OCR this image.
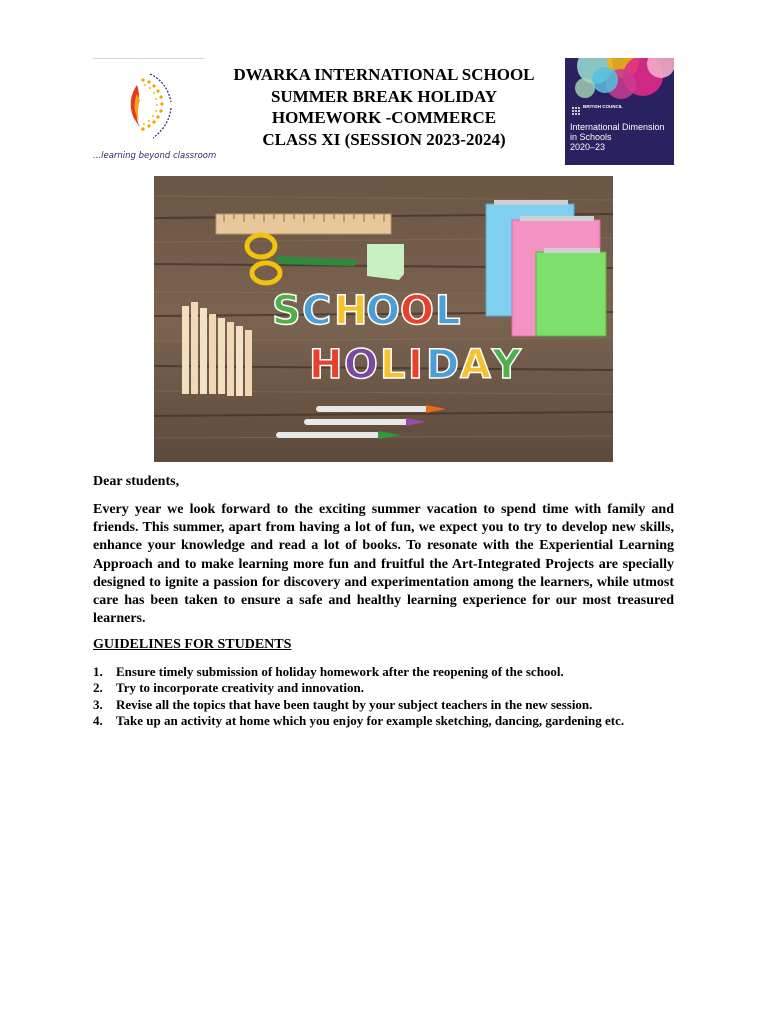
...learning beyond classroom
DWARKA INTERNATIONAL SCHOOL
SUMMER BREAK HOLIDAY
HOMEWORK -COMMERCE
CLASS XI (SESSION 2023-2024)
BRITISH COUNCIL
International Dimension in Schools
2020–23
S C H
O O L
H O L I D A Y
Dear students,

Every year we look forward to the exciting summer vacation to spend time with family and friends. This summer, apart from having a lot of fun, we expect you to try to develop new skills, enhance your knowledge and read a lot of books. To resonate with the Experiential Learning Approach and to make learning more fun and fruitful the Art-Integrated Projects are specially designed to ignite a passion for discovery and experimentation among the learners, while utmost care has been taken to ensure a safe and healthy learning experience for our most treasured learners.

GUIDELINES FOR STUDENTS
1.	Ensure timely submission of holiday homework after the reopening of the school.
2.	Try to incorporate creativity and innovation.
3.	Revise all the topics that have been taught by your subject teachers in the new session.
4.	Take up an activity at home which you enjoy for example sketching, dancing, gardening etc.
